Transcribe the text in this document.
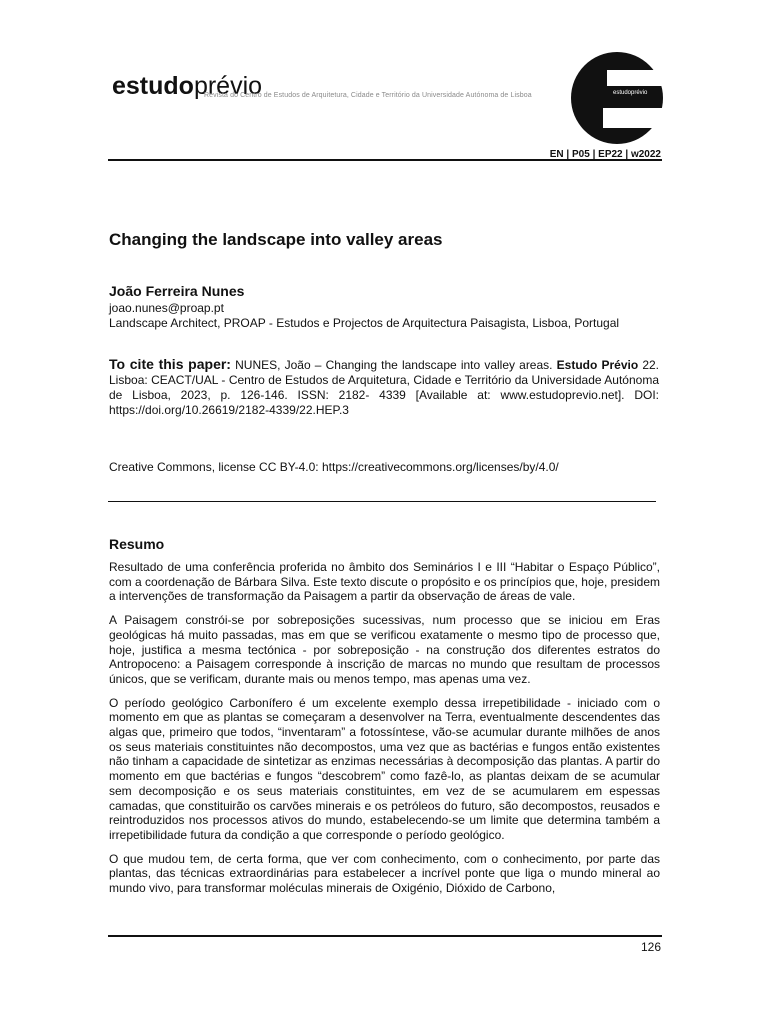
estudoprévio
Revista do Centro de Estudos de Arquitetura, Cidade e Território da Universidade Autónoma de Lisboa	estudoprévio
EN | P05 | EP22 | w2022
Changing the landscape into valley areas
João Ferreira Nunes
joao.nunes@proap.pt
Landscape Architect, PROAP - Estudos e Projectos de Arquitectura Paisagista, Lisboa, Portugal

To cite this paper: NUNES, João – Changing the landscape into valley areas. Estudo Prévio 22. Lisboa: CEACT/UAL - Centro de Estudos de Arquitetura, Cidade e Território da Universidade Autónoma de Lisboa, 2023, p. 126-146. ISSN: 2182- 4339 [Available at: www.estudoprevio.net]. DOI: https://doi.org/10.26619/2182-4339/22.HEP.3

Creative Commons, license CC BY-4.0: https://creativecommons.org/licenses/by/4.0/
Resumo

Resultado de uma conferência proferida no âmbito dos Seminários I e III “Habitar o Espaço Público”, com a coordenação de Bárbara Silva. Este texto discute o propósito e os princípios que, hoje, presidem a intervenções de transformação da Paisagem a partir da observação de áreas de vale.

A Paisagem constrói-se por sobreposições sucessivas, num processo que se iniciou em Eras geológicas há muito passadas, mas em que se verificou exatamente o mesmo tipo de processo que, hoje, justifica a mesma tectónica - por sobreposição - na construção dos diferentes estratos do Antropoceno: a Paisagem corresponde à inscrição de marcas no mundo que resultam de processos únicos, que se verificam, durante mais ou menos tempo, mas apenas uma vez.

O período geológico Carbonífero é um excelente exemplo dessa irrepetibilidade - iniciado com o momento em que as plantas se começaram a desenvolver na Terra, eventualmente descendentes das algas que, primeiro que todos, “inventaram” a fotossíntese, vão-se acumular durante milhões de anos os seus materiais constituintes não decompostos, uma vez que as bactérias e fungos então existentes não tinham a capacidade de sintetizar as enzimas necessárias à decomposição das plantas. A partir do momento em que bactérias e fungos “descobrem” como fazê-lo, as plantas deixam de se acumular sem decomposição e os seus materiais constituintes, em vez de se acumularem em espessas camadas, que constituirão os carvões minerais e os petróleos do futuro, são decompostos, reusados e reintroduzidos nos processos ativos do mundo, estabelecendo-se um limite que determina também a irrepetibilidade futura da condição a que corresponde o período geológico.

O que mudou tem, de certa forma, que ver com conhecimento, com o conhecimento, por parte das plantas, das técnicas extraordinárias para estabelecer a incrível ponte que liga o mundo mineral ao mundo vivo, para transformar moléculas minerais de Oxigénio, Dióxido de Carbono,

126
